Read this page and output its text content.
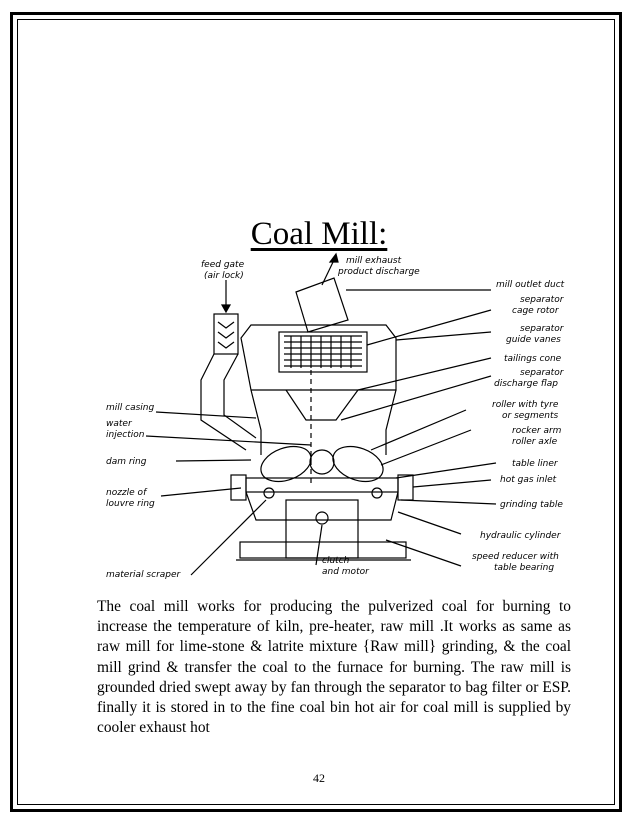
Coal Mill:
feed gate
(air lock)
mill exhaust
product discharge
mill outlet duct
separator
cage rotor
separator
guide vanes
tailings cone
separator
discharge flap
roller with tyre
or segments
rocker arm
roller axle
table liner
hot gas inlet
grinding table
hydraulic cylinder
speed reducer with
table bearing
mill casing
water
injection
dam ring
nozzle of
louvre ring
material scraper
clutch
and motor
The coal mill works for producing the pulverized coal for burning to increase the temperature of kiln, pre-heater, raw mill .It works as same as raw mill for lime-stone & latrite mixture {Raw mill} grinding, & the coal mill grind & transfer the coal to the furnace for burning. The raw mill is grounded dried swept away by fan through the separator to bag filter or ESP. finally it is stored in to the fine coal bin hot air for coal mill is supplied by cooler exhaust hot
42
